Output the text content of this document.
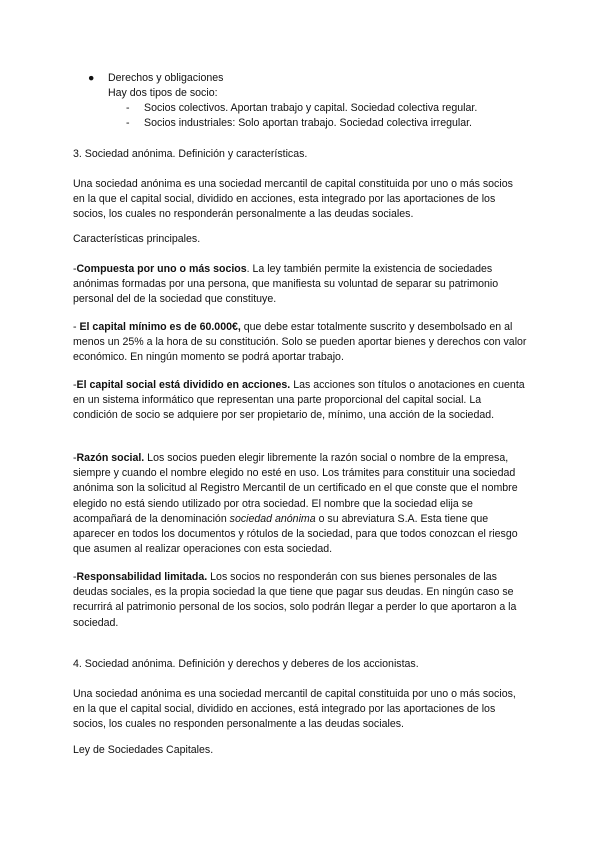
● Derechos y obligaciones
Hay dos tipos de socio:
- Socios colectivos. Aportan trabajo y capital. Sociedad colectiva regular.
- Socios industriales: Solo aportan trabajo. Sociedad colectiva irregular.

3. Sociedad anónima. Definición y características.

Una sociedad anónima es una sociedad mercantil de capital constituida por uno o más socios en la que el capital social, dividido en acciones, esta integrado por las aportaciones de los socios, los cuales no responderán personalmente a las deudas sociales.

Características principales.

-Compuesta por uno o más socios. La ley también permite la existencia de sociedades anónimas formadas por una persona, que manifiesta su voluntad de separar su patrimonio personal del de la sociedad que constituye.

- El capital mínimo es de 60.000€, que debe estar totalmente suscrito y desembolsado en al menos un 25% a la hora de su constitución. Solo se pueden aportar bienes y derechos con valor económico. En ningún momento se podrá aportar trabajo.

-El capital social está dividido en acciones. Las acciones son títulos o anotaciones en cuenta en un sistema informático que representan una parte proporcional del capital social. La condición de socio se adquiere por ser propietario de, mínimo, una acción de la sociedad.

-Razón social. Los socios pueden elegir libremente la razón social o nombre de la empresa, siempre y cuando el nombre elegido no esté en uso. Los trámites para constituir una sociedad anónima son la solicitud al Registro Mercantil de un certificado en el que conste que el nombre elegido no está siendo utilizado por otra sociedad. El nombre que la sociedad elija se acompañará de la denominación sociedad anónima o su abreviatura S.A. Esta tiene que aparecer en todos los documentos y rótulos de la sociedad, para que todos conozcan el riesgo que asumen al realizar operaciones con esta sociedad.

-Responsabilidad limitada. Los socios no responderán con sus bienes personales de las deudas sociales, es la propia sociedad la que tiene que pagar sus deudas. En ningún caso se recurrirá al patrimonio personal de los socios, solo podrán llegar a perder lo que aportaron a la sociedad.

4. Sociedad anónima. Definición y derechos y deberes de los accionistas.

Una sociedad anónima es una sociedad mercantil de capital constituida por uno o más socios, en la que el capital social, dividido en acciones, está integrado por las aportaciones de los socios, los cuales no responden personalmente a las deudas sociales.

Ley de Sociedades Capitales.
